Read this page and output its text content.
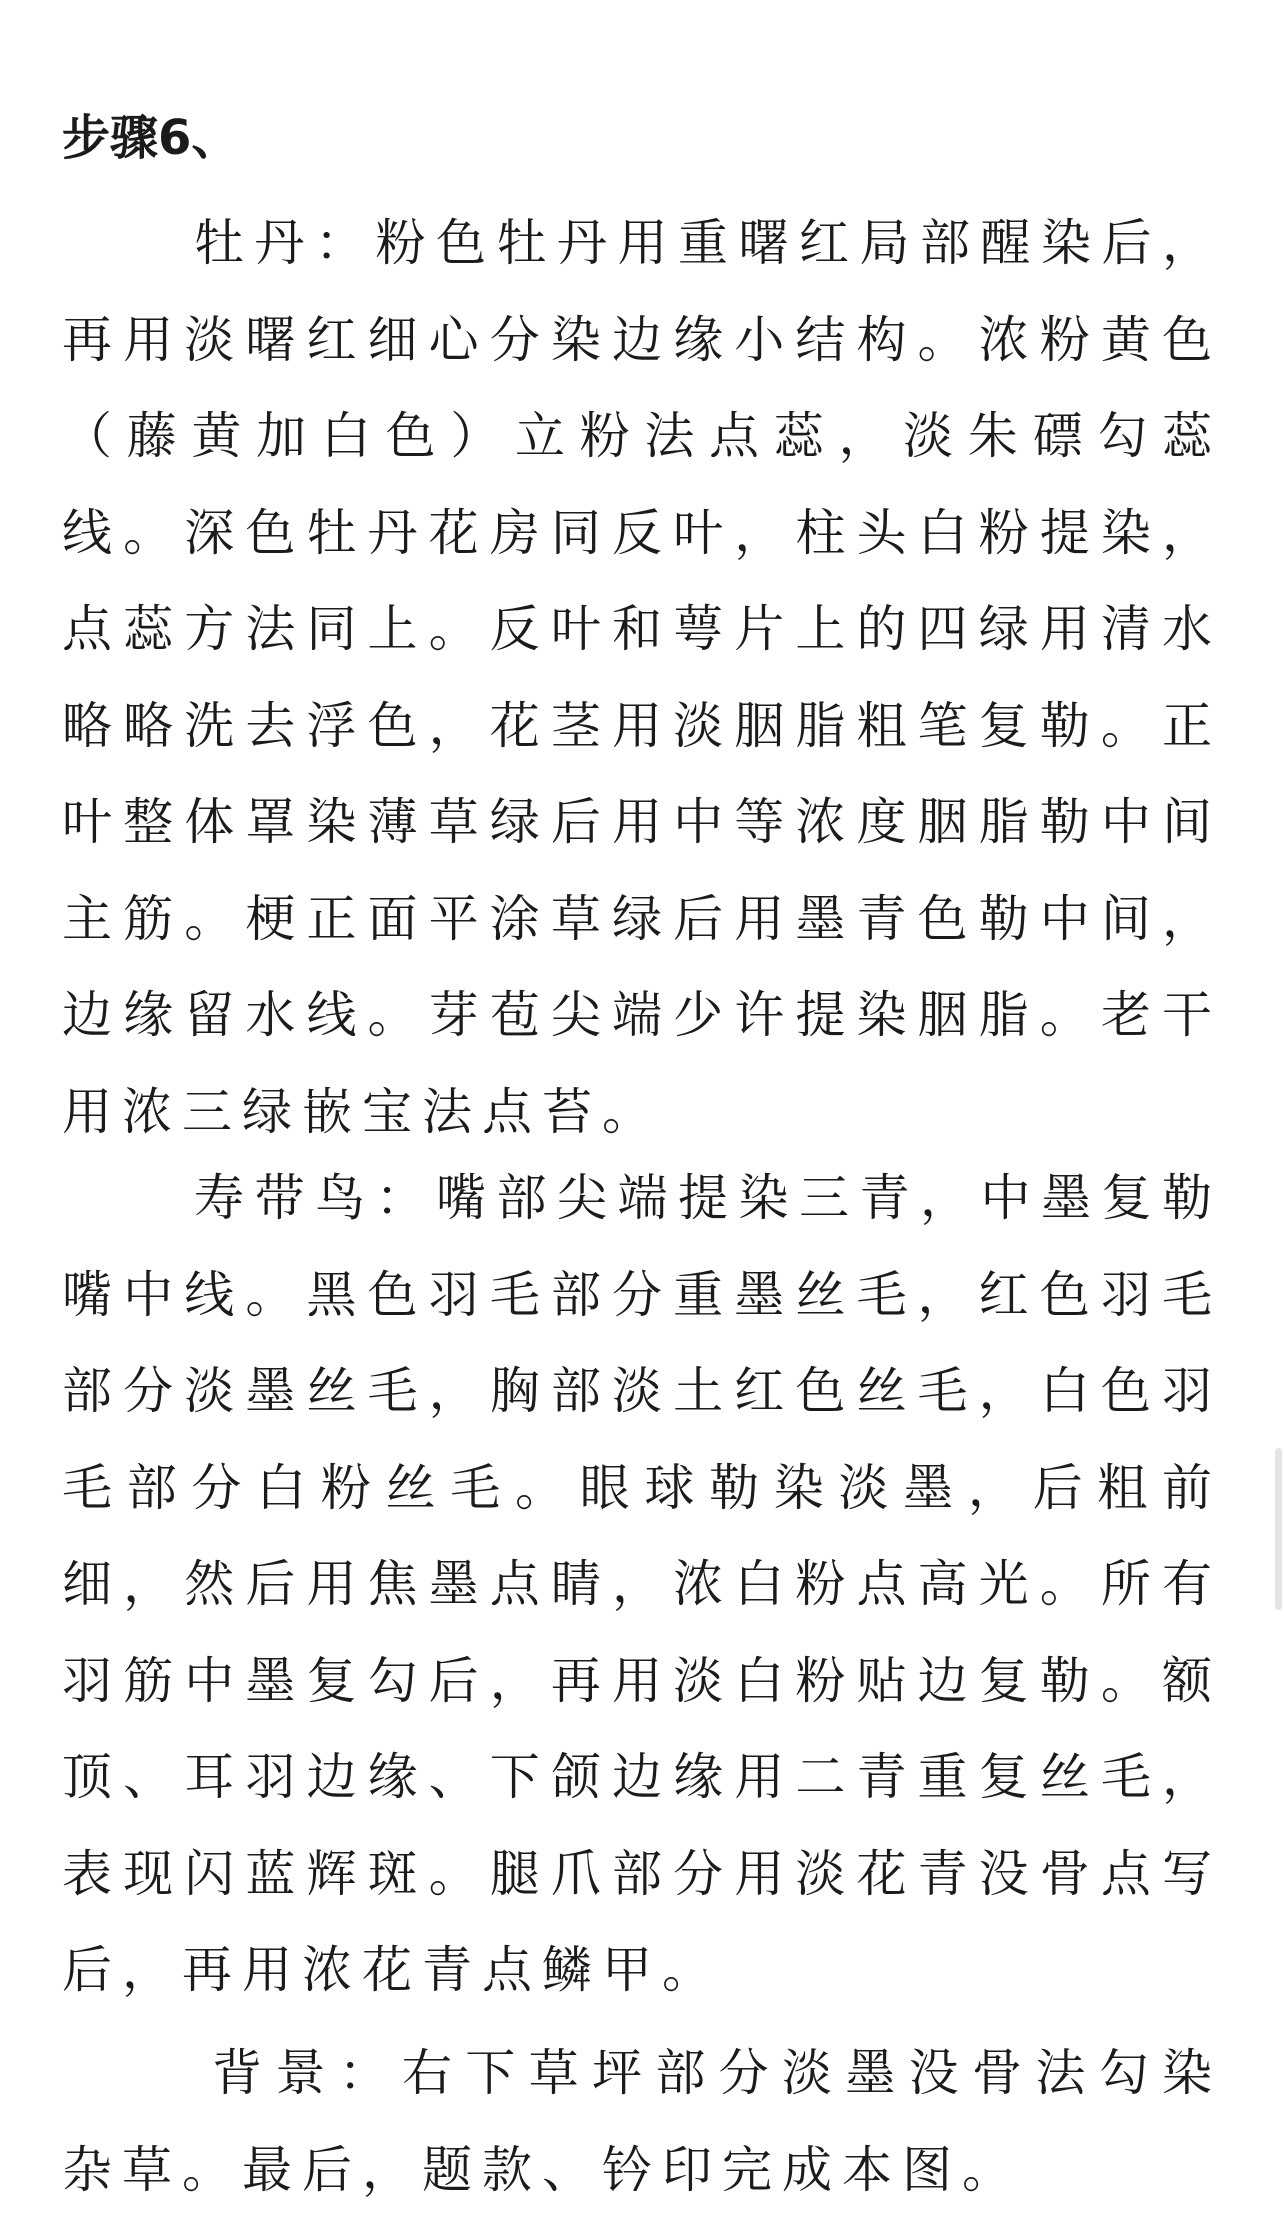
步骤6、

牡丹：粉色牡丹用重曙红局部醒染后，再用淡曙红细心分染边缘小结构。浓粉黄色（藤黄加白色）立粉法点蕊，淡朱磦勾蕊线。深色牡丹花房同反叶，柱头白粉提染，点蕊方法同上。反叶和萼片上的四绿用清水略略洗去浮色，花茎用淡胭脂粗笔复勒。正叶整体罩染薄草绿后用中等浓度胭脂勒中间主筋。梗正面平涂草绿后用墨青色勒中间，边缘留水线。芽苞尖端少许提染胭脂。老干用浓三绿嵌宝法点苔。

寿带鸟：嘴部尖端提染三青，中墨复勒嘴中线。黑色羽毛部分重墨丝毛，红色羽毛部分淡墨丝毛，胸部淡土红色丝毛，白色羽毛部分白粉丝毛。眼球勒染淡墨，后粗前细，然后用焦墨点睛，浓白粉点高光。所有羽筋中墨复勾后，再用淡白粉贴边复勒。额顶、耳羽边缘、下颌边缘用二青重复丝毛，表现闪蓝辉斑。腿爪部分用淡花青没骨点写后，再用浓花青点鳞甲。

背景：右下草坪部分淡墨没骨法勾染杂草。最后，题款、钤印完成本图。
